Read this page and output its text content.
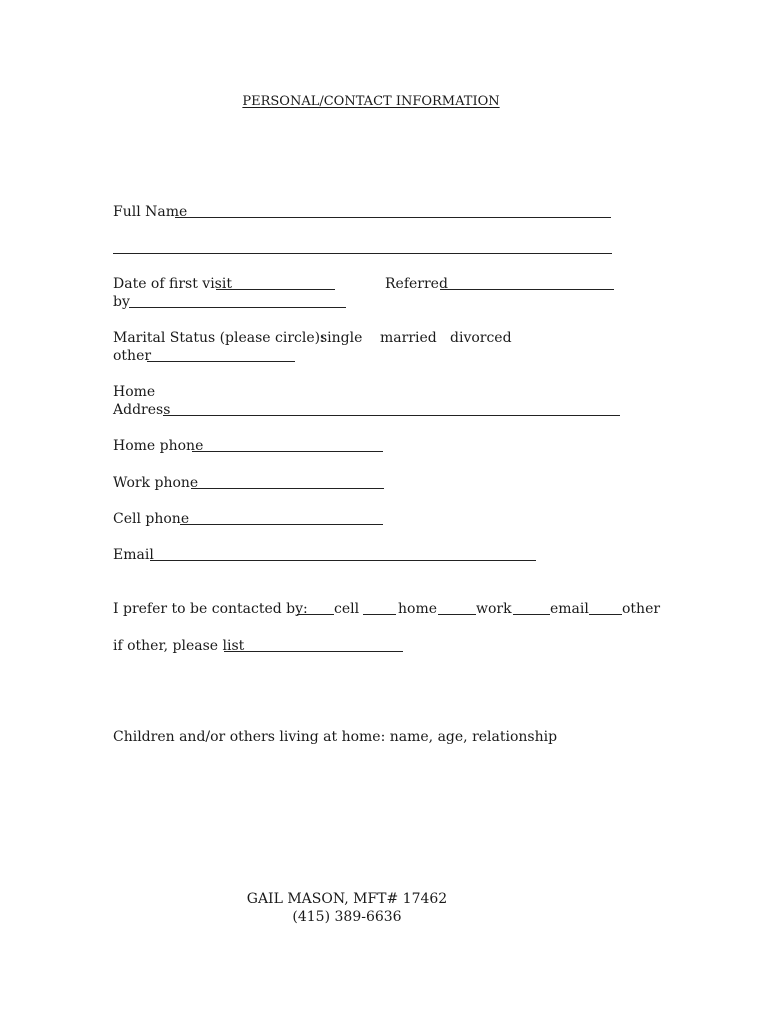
PERSONAL/CONTACT INFORMATION
Full Name
Date of first visit	Referred
by
Marital Status (please circle):
single married divorced
other
Home
Address
Home phone
Work phone
Cell phone
Email
I prefer to be contacted by: cell	home	work	email other
if other, please list
Children and/or others living at home: name, age, relationship
GAIL MASON, MFT# 17462
(415) 389-6636
